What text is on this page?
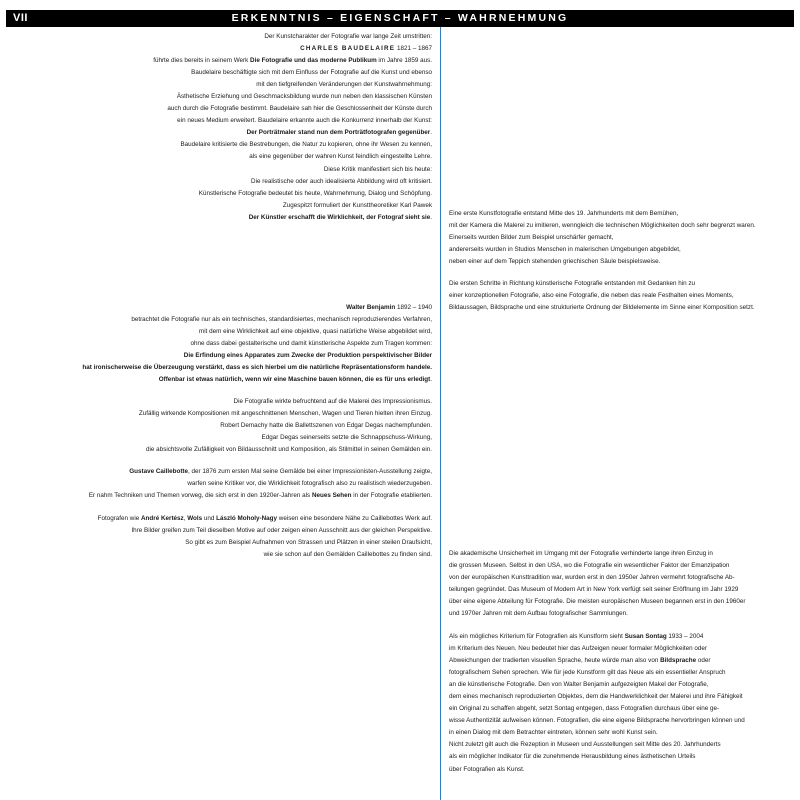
VII	ERKENNTNIS – EIGENSCHAFT – WAHRNEHMUNG
Der Kunstcharakter der Fotografie war lange Zeit umstritten:
CHARLES BAUDELAIRE 1821 – 1867
führte dies bereits in seinem Werk Die Fotografie und das moderne Publikum im Jahre 1859 aus.
Baudelaire beschäftigte sich mit dem Einfluss der Fotografie auf die Kunst und ebenso
mit den tiefgreifenden Veränderungen der Kunstwahrnehmung:
Ästhetische Erziehung und Geschmacksbildung wurde nun neben den klassischen Künsten
auch durch die Fotografie bestimmt. Baudelaire sah hier die Geschlossenheit der Künste durch
ein neues Medium erweitert. Baudelaire erkannte auch die Konkurrenz innerhalb der Kunst:
Der Porträtmaler stand nun dem Porträtfotografen gegenüber.
Baudelaire kritisierte die Bestrebungen, die Natur zu kopieren, ohne ihr Wesen zu kennen,
als eine gegenüber der wahren Kunst feindlich eingestellte Lehre.
Diese Kritik manifestiert sich bis heute:
Die realistische oder auch idealisierte Abbildung wird oft kritisiert.
Künstlerische Fotografie bedeutet bis heute, Wahrnehmung, Dialog und Schöpfung.
Zugespitzt formuliert der Kunsttheoretiker Karl Pawek
Der Künstler erschafft die Wirklichkeit, der Fotograf sieht sie.
Walter Benjamin 1892 – 1940
betrachtet die Fotografie nur als ein technisches, standardisiertes, mechanisch reproduzierendes Verfahren,
mit dem eine Wirklichkeit auf eine objektive, quasi natürliche Weise abgebildet wird,
ohne dass dabei gestalterische und damit künstlerische Aspekte zum Tragen kommen:
Die Erfindung eines Apparates zum Zwecke der Produktion perspektivischer Bilder
hat ironischerweise die Überzeugung verstärkt, dass es sich hierbei um die natürliche Repräsentationsform handele.
Offenbar ist etwas natürlich, wenn wir eine Maschine bauen können, die es für uns erledigt.
Die Fotografie wirkte befruchtend auf die Malerei des Impressionismus.
Zufällig wirkende Kompositionen mit angeschnittenen Menschen, Wagen und Tieren hielten ihren Einzug.
Robert Demachy hatte die Ballettszenen von Edgar Degas nachempfunden.
Edgar Degas seinerseits setzte die Schnappschuss-Wirkung,
die absichtsvolle Zufälligkeit von Bildausschnitt und Komposition, als Stilmittel in seinen Gemälden ein.
Gustave Caillebotte, der 1876 zum ersten Mal seine Gemälde bei einer Impressionisten-Ausstellung zeigte,
warfen seine Kritiker vor, die Wirklichkeit fotografisch also zu realistisch wiederzugeben.
Er nahm Techniken und Themen vorweg, die sich erst in den 1920er-Jahren als Neues Sehen in der Fotografie etablierten.
Fotografen wie André Kertész, Wols und László Moholy-Nagy weisen eine besondere Nähe zu Caillebottes Werk auf.
Ihre Bilder greifen zum Teil dieselben Motive auf oder zeigen einen Ausschnitt aus der gleichen Perspektive.
So gibt es zum Beispiel Aufnahmen von Strassen und Plätzen in einer steilen Draufsicht,
wie sie schon auf den Gemälden Caillebottes zu finden sind.
Eine erste Kunstfotografie entstand Mitte des 19. Jahrhunderts mit dem Bemühen,
mit der Kamera die Malerei zu imitieren, wenngleich die technischen Möglichkeiten doch sehr begrenzt waren.
Einerseits wurden Bilder zum Beispiel unschärfer gemacht,
andererseits wurden in Studios Menschen in malerischen Umgebungen abgebildet,
neben einer auf dem Teppich stehenden griechischen Säule beispielsweise.
Die ersten Schritte in Richtung künstlerische Fotografie entstanden mit Gedanken hin zu
einer konzeptionellen Fotografie, also eine Fotografie, die neben das reale Festhalten eines Moments,
Bildaussagen, Bildsprache und eine strukturierte Ordnung der Bildelemente im Sinne einer Komposition setzt.
Die akademische Unsicherheit im Umgang mit der Fotografie verhinderte lange ihren Einzug in
die grossen Museen. Selbst in den USA, wo die Fotografie ein wesentlicher Faktor der Emanzipation
von der europäischen Kunsttradition war, wurden erst in den 1950er Jahren vermehrt fotografische Ab-
teilungen gegründet. Das Museum of Modern Art in New York verfügt seit seiner Eröffnung im Jahr 1929
über eine eigene Abteilung für Fotografie. Die meisten europäischen Museen begannen erst in den 1960er
und 1970er Jahren mit dem Aufbau fotografischer Sammlungen.
Als ein mögliches Kriterium für Fotografien als Kunstform sieht Susan Sontag 1933 – 2004
im Kriterium des Neuen. Neu bedeutet hier das Aufzeigen neuer formaler Möglichkeiten oder
Abweichungen der tradierten visuellen Sprache, heute würde man also von Bildsprache oder
fotografischem Sehen sprechen. Wie für jede Kunstform gilt das Neue als ein essentieller Anspruch
an die künstlerische Fotografie. Den von Walter Benjamin aufgezeigten Makel der Fotografie,
dem eines mechanisch reproduzierten Objektes, dem die Handwerklichkeit der Malerei und ihre Fähigkeit
ein Original zu schaffen abgeht, setzt Sontag entgegen, dass Fotografien durchaus über eine ge-
wisse Authentizität aufweisen können. Fotografien, die eine eigene Bildsprache hervorbringen können und
in einen Dialog mit dem Betrachter eintreten, können sehr wohl Kunst sein.
Nicht zuletzt gilt auch die Rezeption in Museen und Ausstellungen seit Mitte des 20. Jahrhunderts
als ein möglicher Indikator für die zunehmende Herausbildung eines ästhetischen Urteils
über Fotografien als Kunst.
